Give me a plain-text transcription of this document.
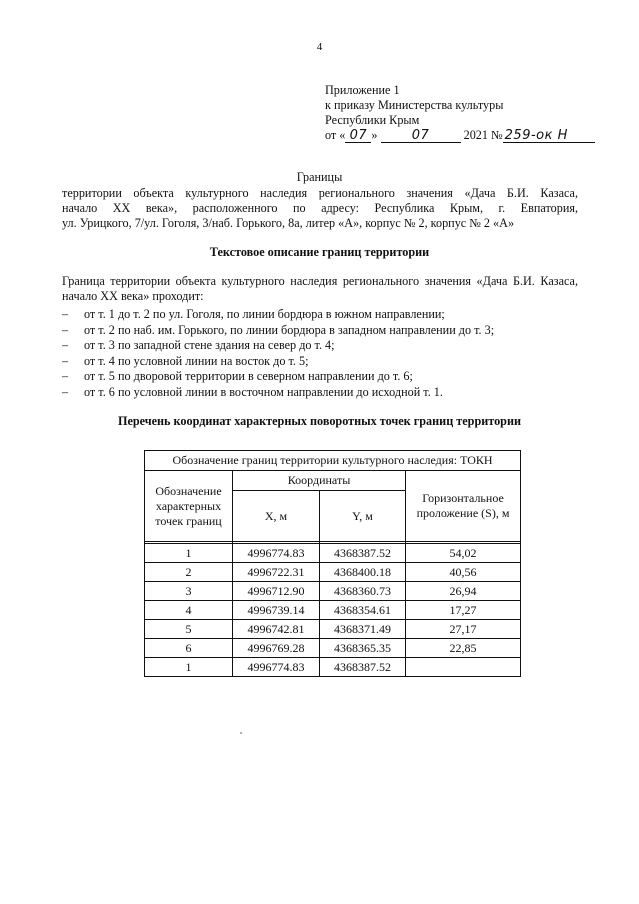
4
Приложение 1
к приказу Министерства культуры
Республики Крым
от « 07 »	07	2021 № 259-ок Н
Границы
территории объекта культурного наследия регионального значения «Дача Б.И. Казаса,
начало XX века», расположенного по адресу: Республика Крым, г. Евпатория,
ул. Урицкого, 7/ул. Гоголя, 3/наб. Горького, 8а, литер «А», корпус № 2, корпус № 2 «А»
Текстовое описание границ территории
Граница территории объекта культурного наследия регионального значения «Дача Б.И. Казаса,
начало XX века» проходит:
–	от т. 1 до т. 2 по ул. Гоголя, по линии бордюра в южном направлении;
–	от т. 2 по наб. им. Горького, по линии бордюра в западном направлении до т. 3;
–	от т. 3 по западной стене здания на север до т. 4;
–	от т. 4 по условной линии на восток до т. 5;
–	от т. 5 по дворовой территории в северном направлении до т. 6;
–	от т. 6 по условной линии в восточном направлении до исходной т. 1.
Перечень координат характерных поворотных точек границ территории
Обозначение границ территории культурного наследия: ТОКН			
Обозначение характерных точек границ	Координаты		Горизонтальное проложение (S), м
	X, м	Y, м	

1	4996774.83	4368387.52	54,02
2	4996722.31	4368400.18	40,56
3	4996712.90	4368360.73	26,94
4	4996739.14	4368354.61	17,27
5	4996742.81	4368371.49	27,17
6	4996769.28	4368365.35	22,85
1	4996774.83	4368387.52	
